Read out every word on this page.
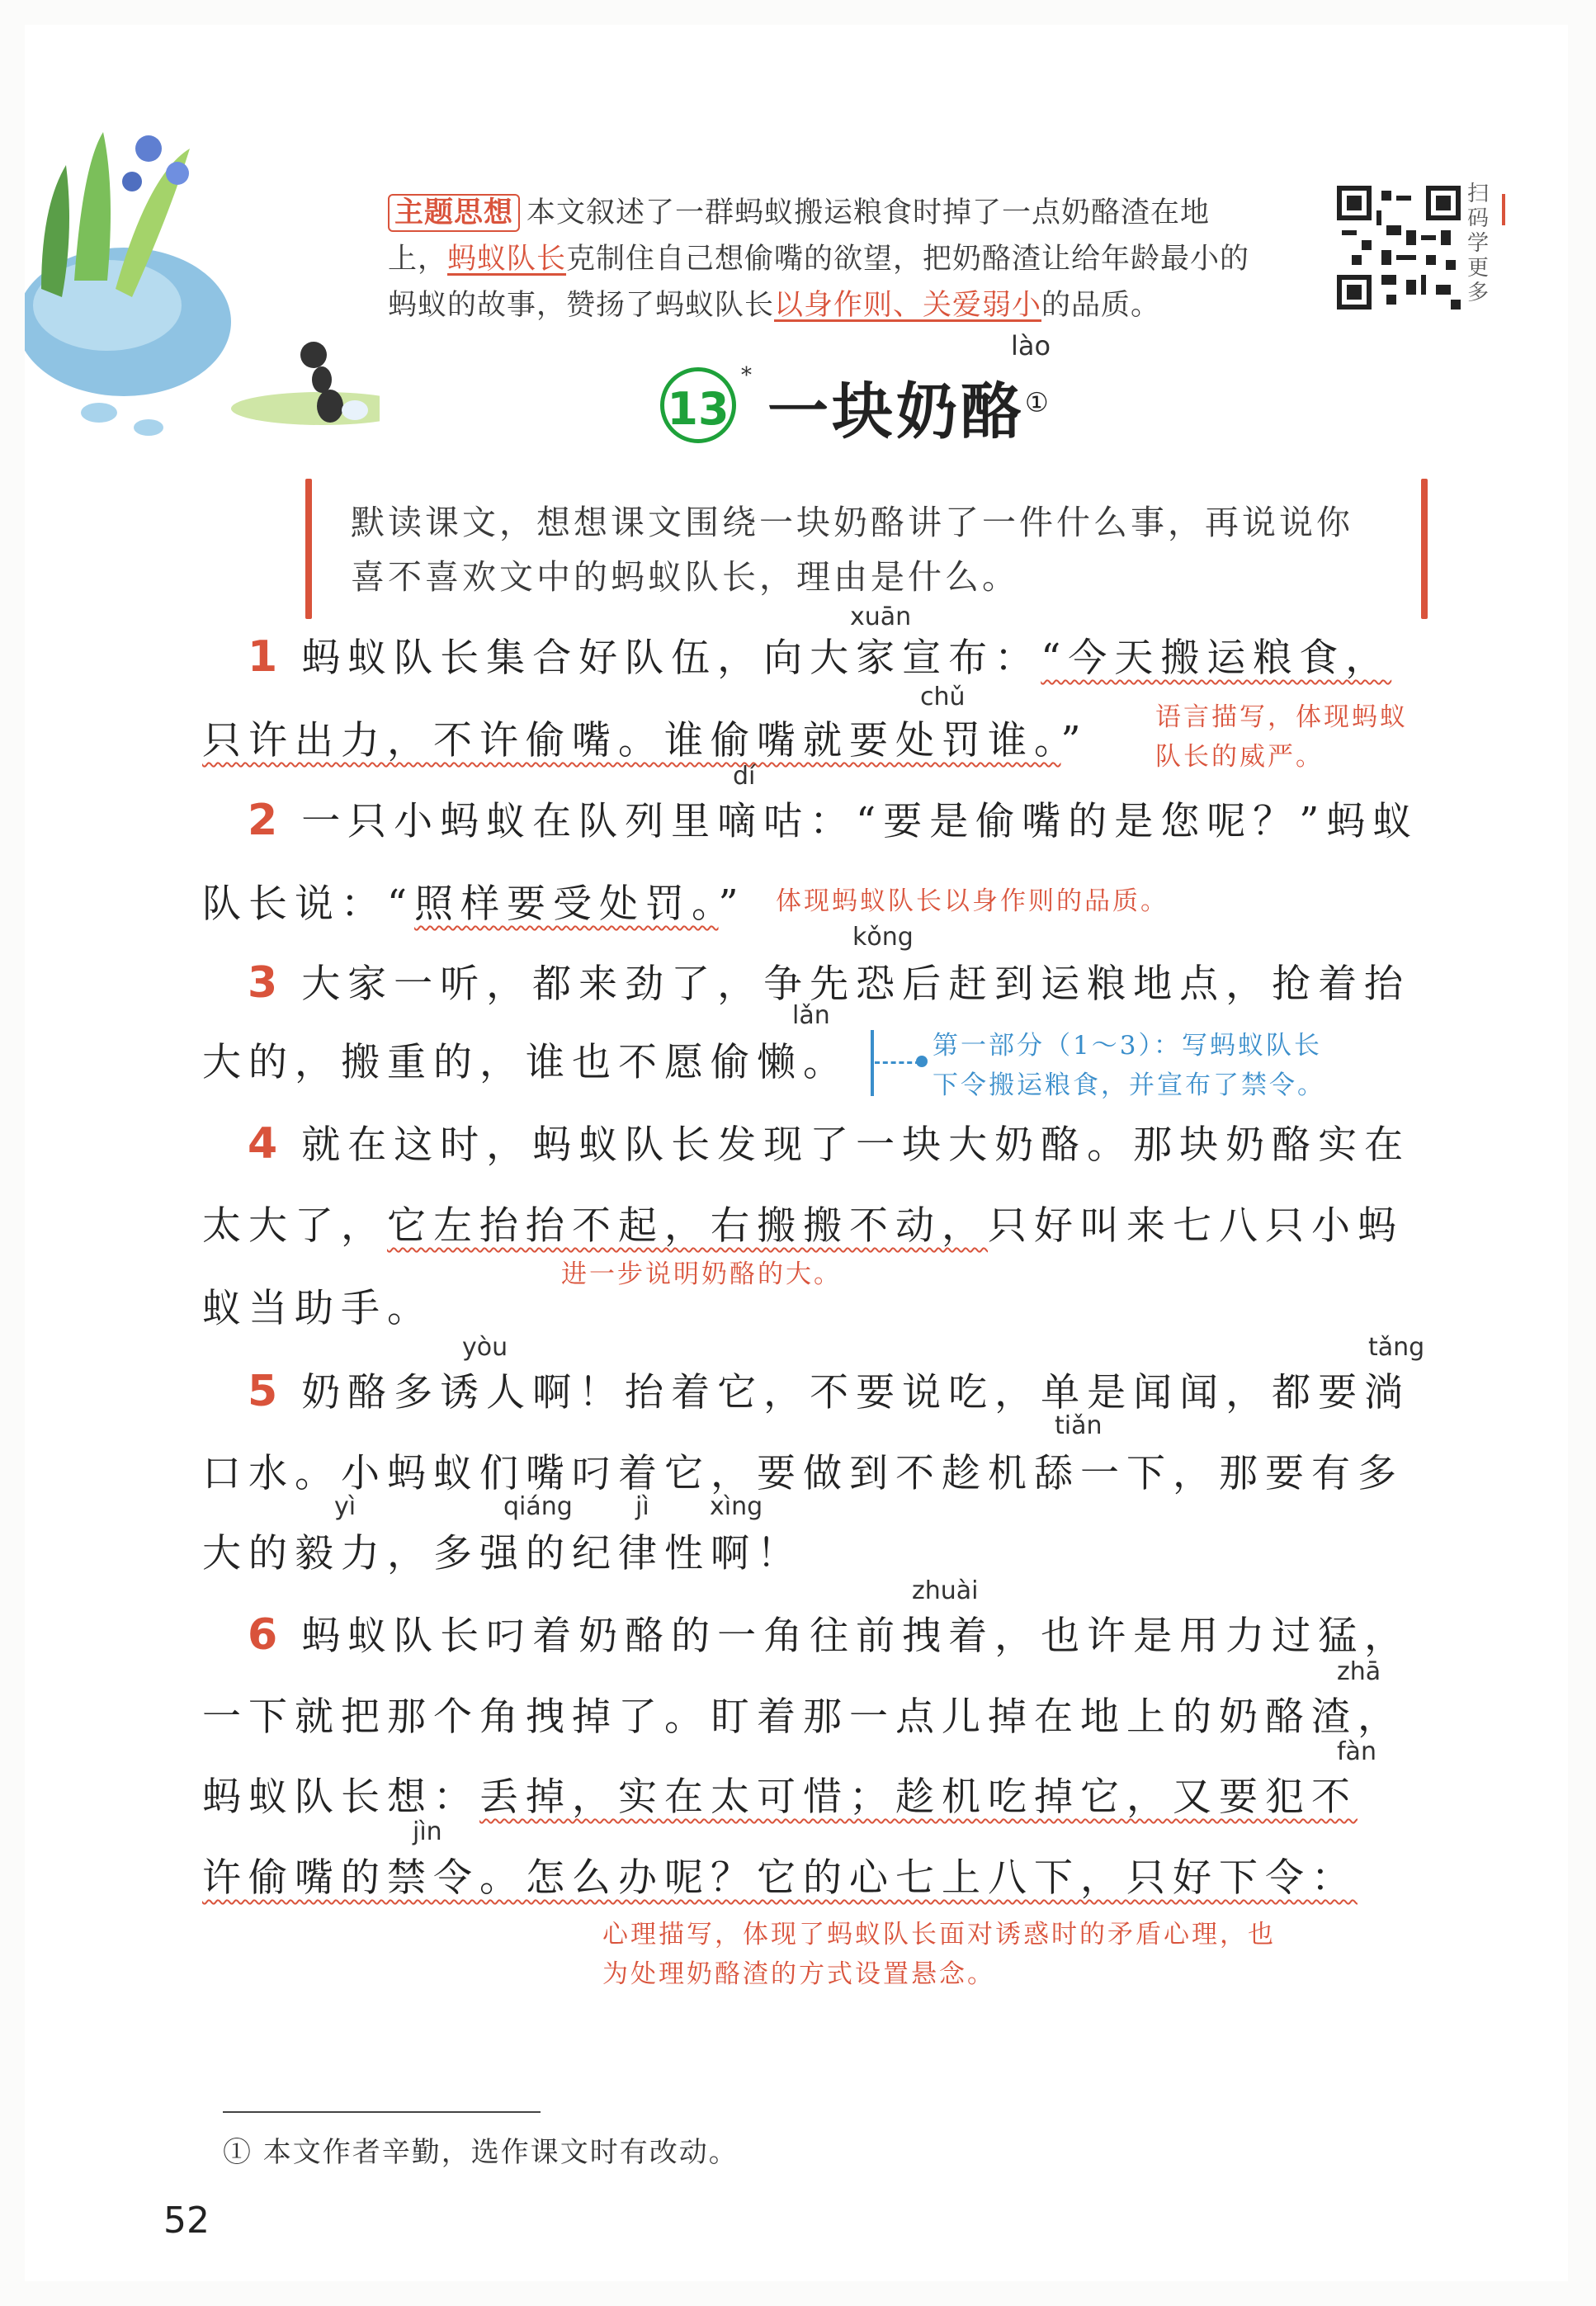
主题思想 本文叙述了一群蚂蚁搬运粮食时掉了一点奶酪渣在地上，蚂蚁队长克制住自己想偷嘴的欲望，把奶酪渣让给年龄最小的蚂蚁的故事，赞扬了蚂蚁队长以身作则、关爱弱小的品质。
扫码学更多
lào
13
*
一块奶酪①

默读课文，想想课文围绕一块奶酪讲了一件什么事，再说说你喜不喜欢文中的蚂蚁队长，理由是什么。

xuān
1 蚂蚁队长集合好队伍，向大家宣布：“今天搬运粮食，
chǔ
只许出力，不许偷嘴。谁偷嘴就要处罚谁。”
语言描写，体现蚂蚁
队长的威严。
dí
2 一只小蚂蚁在队列里嘀咕：“要是偷嘴的是您呢？”蚂蚁
队长说：“照样要受处罚。” 体现蚂蚁队长以身作则的品质。
kǒng
3 大家一听，都来劲了，争先恐后赶到运粮地点，抢着抬
lǎn
大的，搬重的，谁也不愿偷懒。	第一部分（1～3）：写蚂蚁队长
下令搬运粮食，并宣布了禁令。
4 就在这时，蚂蚁队长发现了一块大奶酪。那块奶酪实在
太大了，它左抬抬不起，右搬搬不动，只好叫来七八只小蚂
进一步说明奶酪的大。
蚁当助手。
yòu	tǎng
5 奶酪多诱人啊！抬着它，不要说吃，单是闻闻，都要淌
tiǎn
口水。小蚂蚁们嘴叼着它，要做到不趁机舔一下，那要有多
yì	qiáng	jì xìng
大的毅力，多强的纪律性啊！
zhuài
6 蚂蚁队长叼着奶酪的一角往前拽着，也许是用力过猛，
zhā
一下就把那个角拽掉了。盯着那一点儿掉在地上的奶酪渣，
fàn
蚂蚁队长想：丢掉，实在太可惜；趁机吃掉它，又要犯不
jìn
许偷嘴的禁令。怎么办呢？它的心七上八下，只好下令：
心理描写，体现了蚂蚁队长面对诱惑时的矛盾心理，也
为处理奶酪渣的方式设置悬念。
① 本文作者辛勤，选作课文时有改动。
52
